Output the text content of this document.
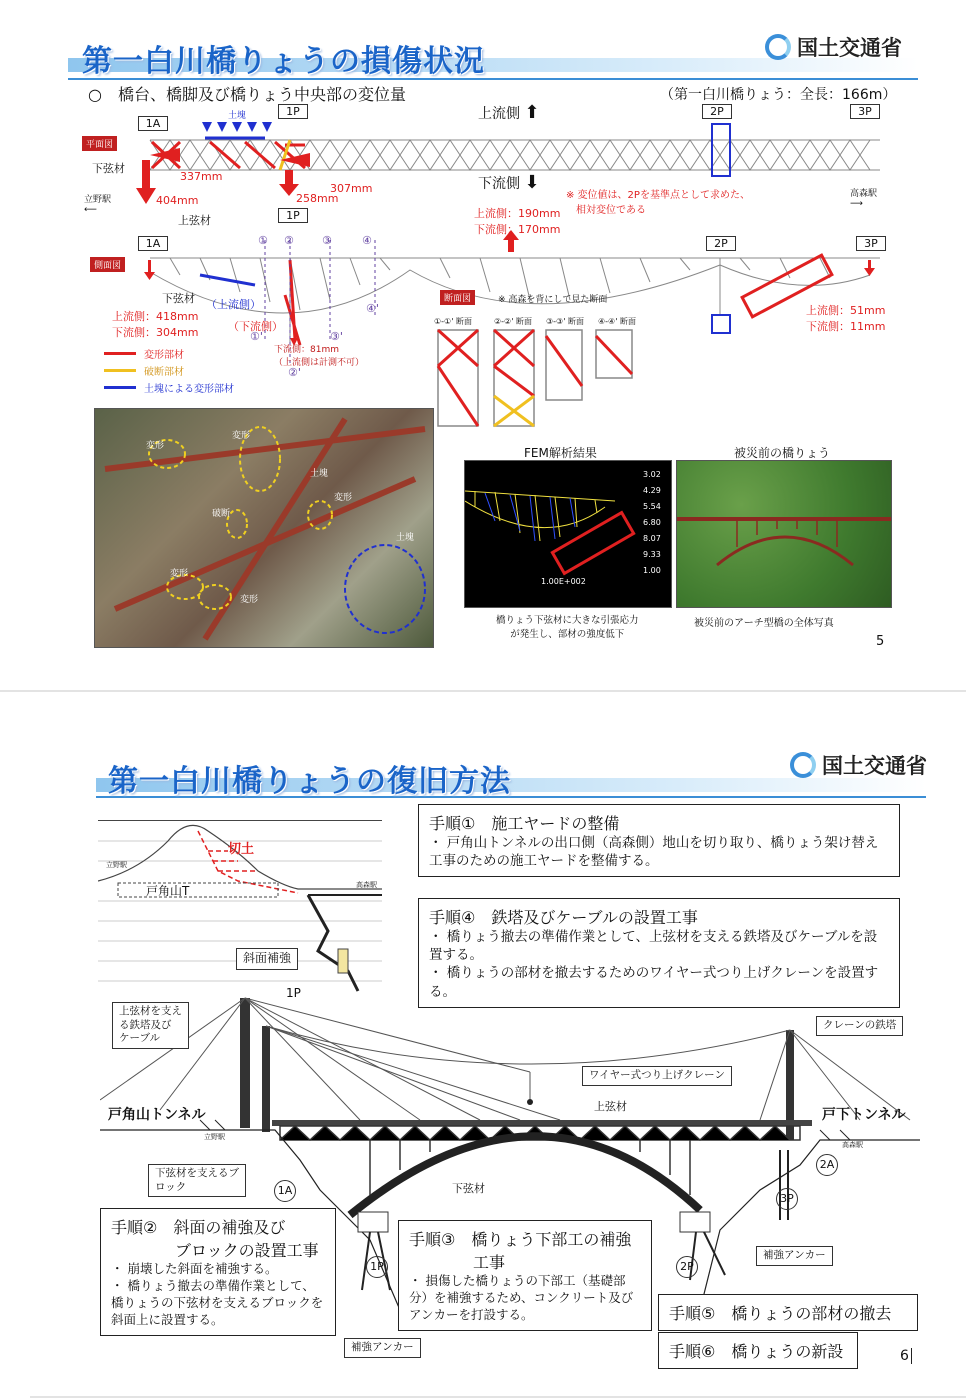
第一白川橋りょうの損傷状況	国土交通省
○　橋台、橋脚及び橋りょう中央部の変位量	（第一白川橋りょう：全長：166m）
平面図
側面図
下弦材
上弦材
下弦材
土塊
1A
1P	2P	3P
1A
1P
2P	3P
上流側 ⬆
下流側 ⬇
立野駅
⟵
高森駅
⟶
337mm
404mm	258mm
307mm
※ 変位値は、2Pを基準点として求めた、
　相対変位である
上流側：190mm
下流側：170mm
上流側：418mm
下流側：304mm
上流側：51mm
下流側：11mm
下流側：81mm
（上流側は計測不可）
（上流側）
（下流側）
① ②	③	④
①'
②'
③'
④'
変形部材
破断部材
土塊による変形部材
断面図	※ 高森を背にして見た断面
①-①' 断面	②-②' 断面 ③-③' 断面 ④-④' 断面
変形
変形
破断
変形
変形
変形
土塊
土塊
FEM解析結果
1.00E+002
3.02
4.29
5.54
6.80
8.07
9.33
1.00
橋りょう下弦材に大きな引張応力
が発生し、部材の強度低下
被災前の橋りょう
被災前のアーチ型橋の全体写真
5
第一白川橋りょうの復旧方法	国土交通省
切土
戸角山T
立野駅
高森駅
斜面補強
1P
手順①　施工ヤードの整備
・ 戸角山トンネルの出口側（高森側）地山を切り取り、橋りょう架け替え工事のための施工ヤードを整備する。
手順④　鉄塔及びケーブルの設置工事
・ 橋りょう撤去の準備作業として、上弦材を支える鉄塔及びケーブルを設置する。
・ 橋りょうの部材を撤去するためのワイヤー式つり上げクレーンを設置する。
上弦材を支え
る鉄塔及び
ケーブル
クレーンの鉄塔
ワイヤー式つり上げクレーン
戸角山トンネル	戸下トンネル
上弦材
下弦材
立野駅
高森駅
下弦材を支えるブ
ロック	1A
1P	2P
2A
3P
補強アンカー
補強アンカー
手順②　斜面の補強及び
　　　　ブロックの設置工事
・ 崩壊した斜面を補強する。
・ 橋りょう撤去の準備作業として、橋りょうの下弦材を支えるブロックを斜面上に設置する。
手順③　橋りょう下部工の補強
　　　　工事
・ 損傷した橋りょうの下部工（基礎部分）を補強するため、コンクリート及びアンカーを打設する。	手順⑤　橋りょうの部材の撤去
手順⑥　橋りょうの新設	6
